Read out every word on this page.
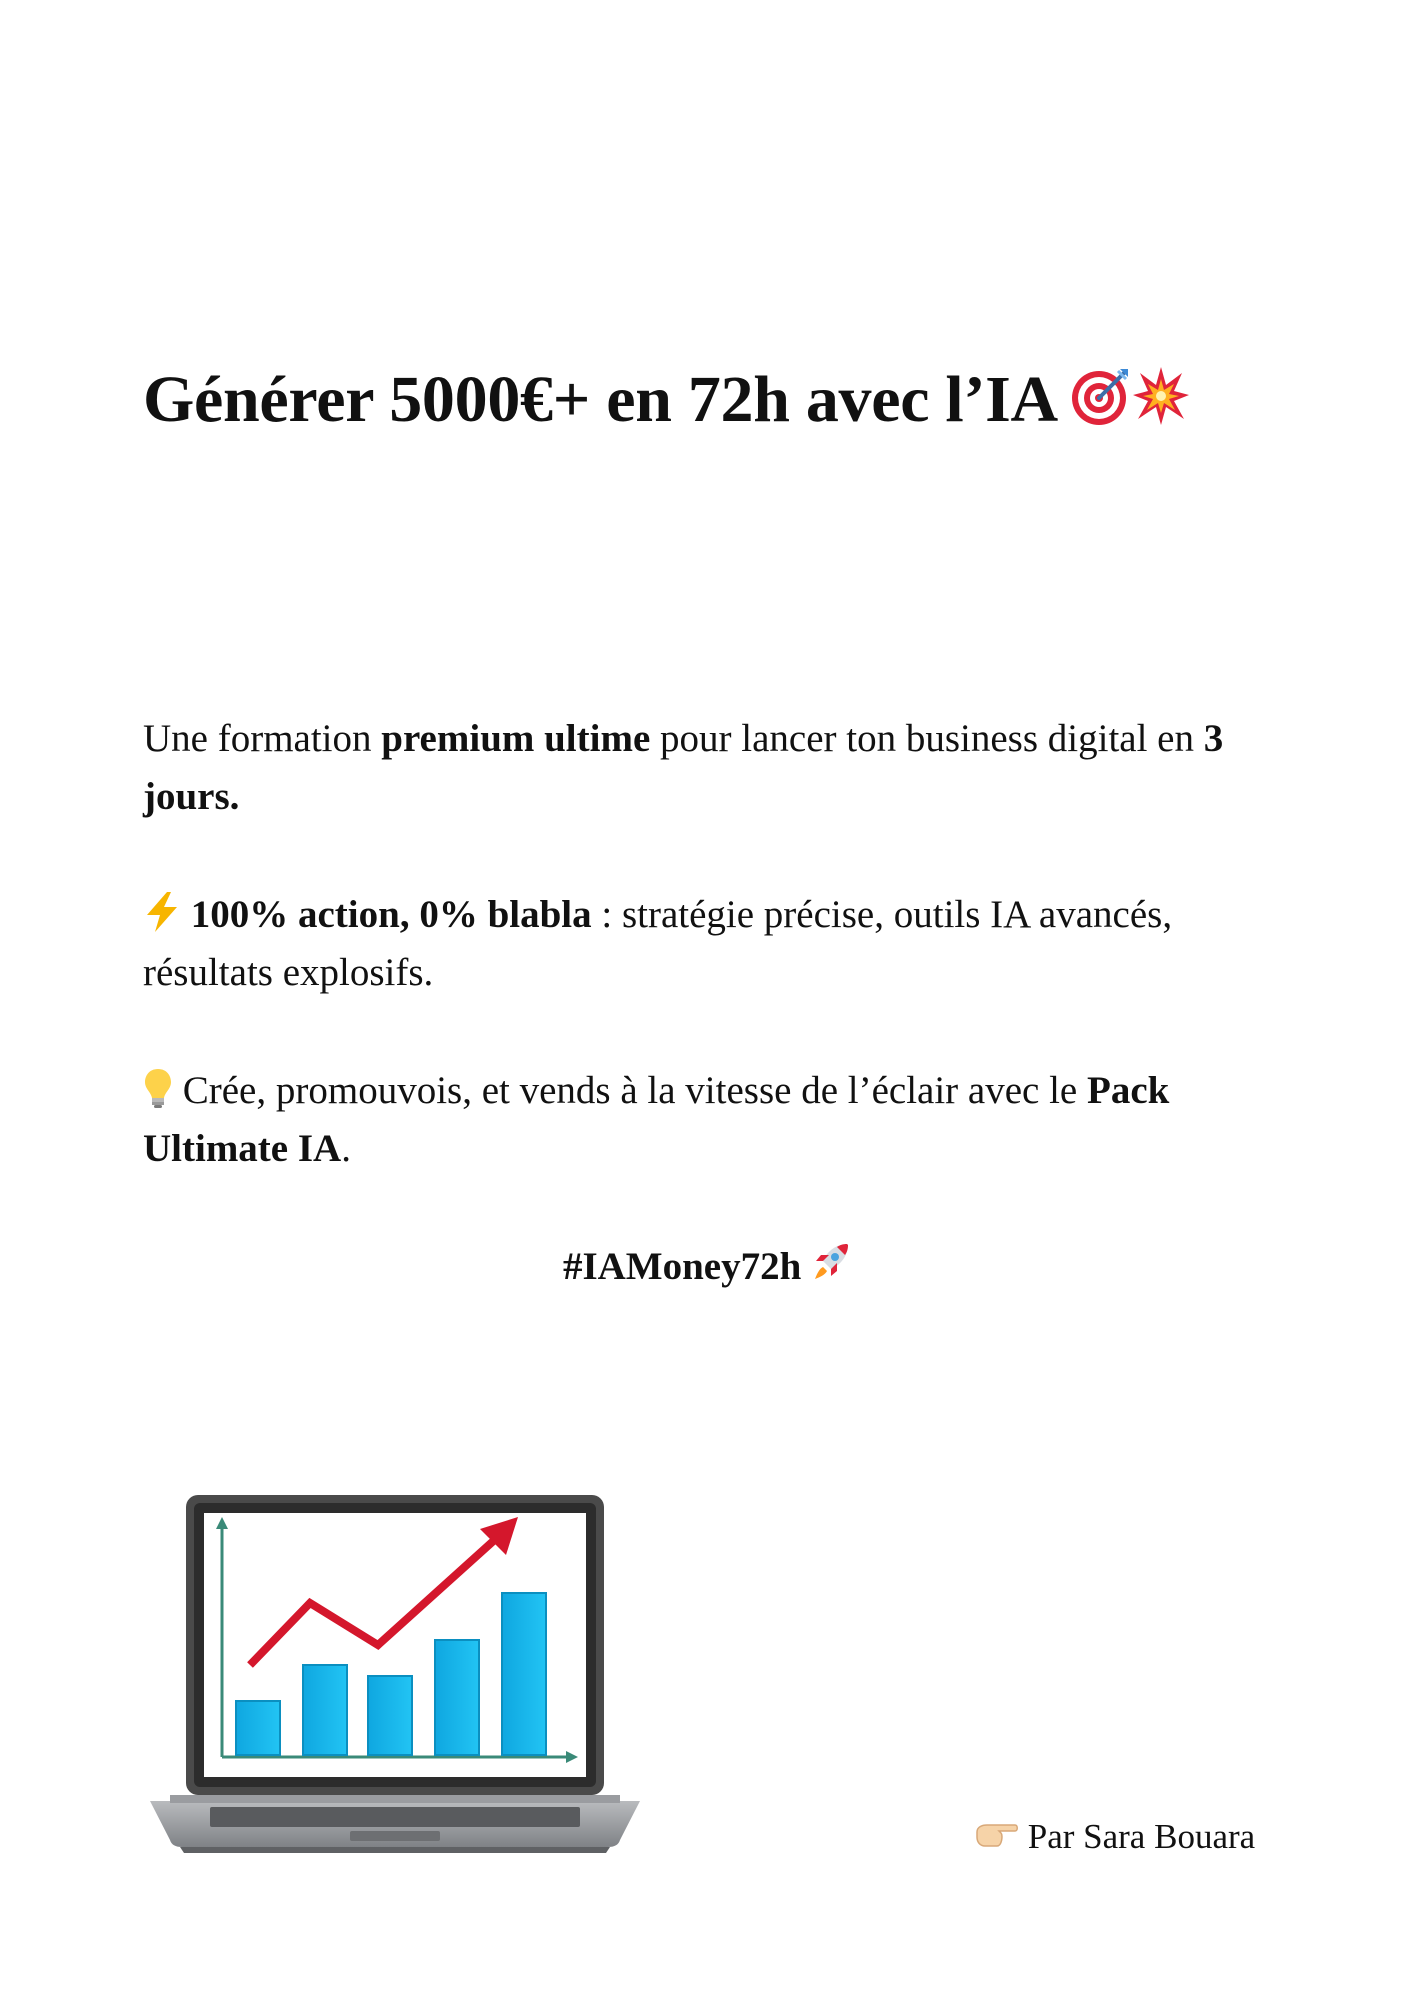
Générer 5000€+ en 72h avec l’IA

Une formation premium ultime pour lancer ton business digital en 3 jours.

100% action, 0% blabla : stratégie précise, outils IA avancés, résultats explosifs.

Crée, promouvois, et vends à la vitesse de l’éclair avec le Pack Ultimate IA.

#IAMoney72h
Par Sara Bouara
